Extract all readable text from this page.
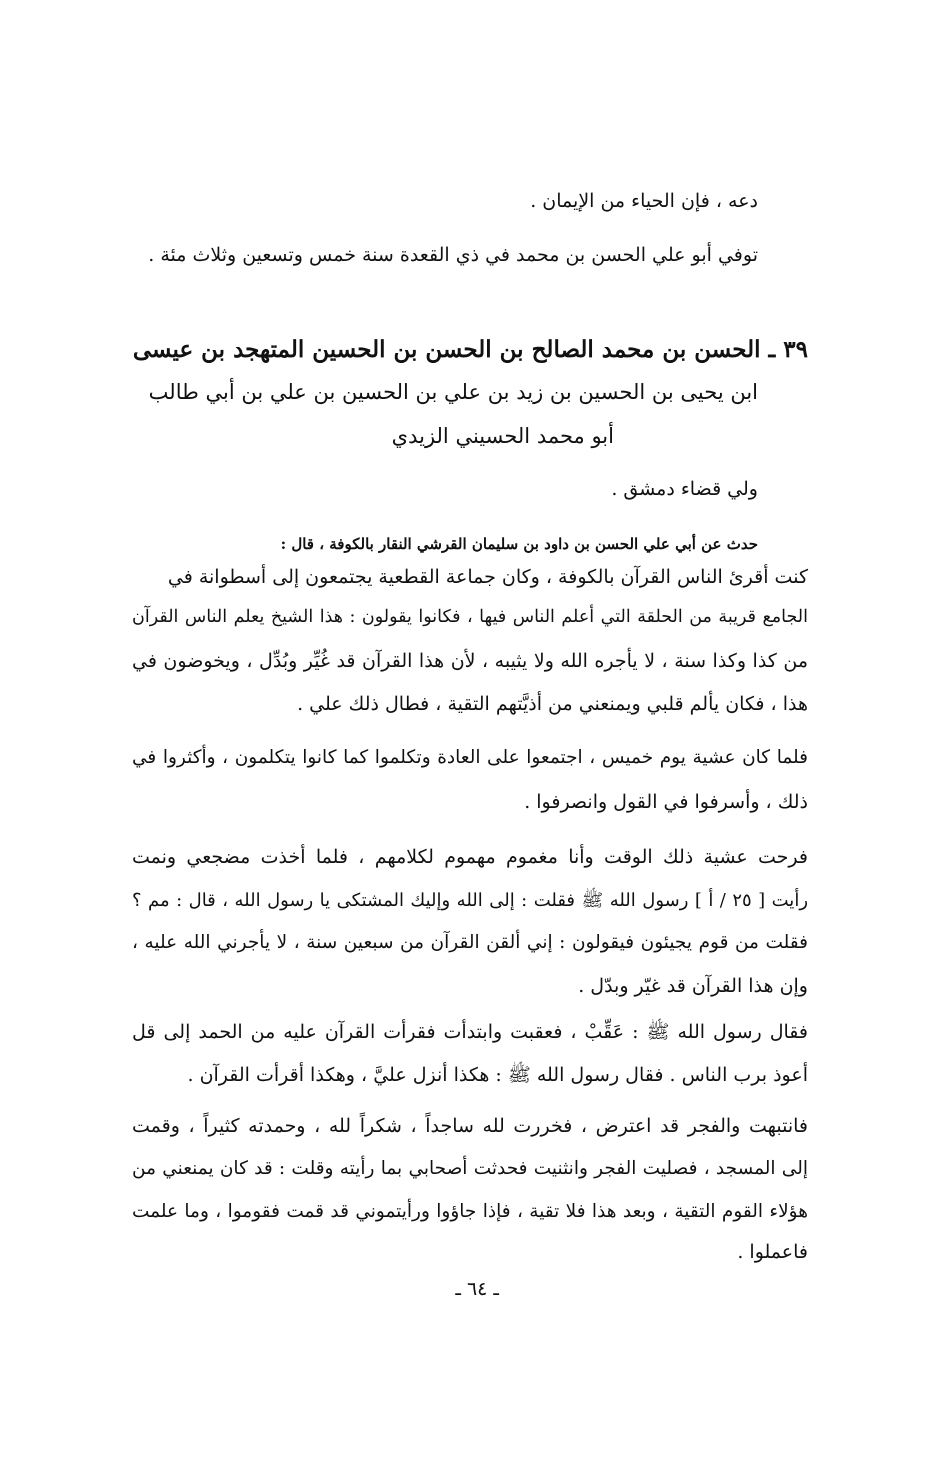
دعه ، فإن الحياء من الإيمان .
توفي أبو علي الحسن بن محمد في ذي القعدة سنة خمس وتسعين وثلاث مئة .
٣٩ ـ الحسن بن محمد الصالح بن الحسن بن الحسين المتهجد بن عيسى
ابن يحيى بن الحسين بن زيد بن علي بن الحسين بن علي بن أبي طالب
أبو محمد الحسيني الزيدي
ولي قضاء دمشق .
حدث عن أبي علي الحسن بن داود بن سليمان القرشي النقار بالكوفة ، قال :
كنت أقرئ الناس القرآن بالكوفة ، وكان جماعة القطعية يجتمعون إلى أسطوانة في
الجامع قريبة من الحلقة التي أعلم الناس فيها ، فكانوا يقولون : هذا الشيخ يعلم الناس القرآن
من كذا وكذا سنة ، لا يأجره الله ولا يثيبه ، لأن هذا القرآن قد غُيِّر وبُدِّل ، ويخوضون في
هذا ، فكان يألم قلبي ويمنعني من أذيَّتهم التقية ، فطال ذلك علي .
فلما كان عشية يوم خميس ، اجتمعوا على العادة وتكلموا كما كانوا يتكلمون ، وأكثروا في
ذلك ، وأسرفوا في القول وانصرفوا .
فرحت عشية ذلك الوقت وأنا مغموم مهموم لكلامهم ، فلما أخذت مضجعي ونمت
رأيت [ ٢٥ / أ ] رسول الله ﷺ فقلت : إلى الله وإليك المشتكى يا رسول الله ، قال : مم ؟
فقلت من قوم يجيئون فيقولون : إني ألقن القرآن من سبعين سنة ، لا يأجرني الله عليه ،
وإن هذا القرآن قد غيّر وبدّل .
فقال رسول الله ﷺ : عَقِّبْ ، فعقبت وابتدأت فقرأت القرآن عليه من الحمد إلى قل
أعوذ برب الناس . فقال رسول الله ﷺ : هكذا أنزل عليَّ ، وهكذا أقرأت القرآن .
فانتبهت والفجر قد اعترض ، فخررت لله ساجداً ، شكراً لله ، وحمدته كثيراً ، وقمت
إلى المسجد ، فصليت الفجر وانثنيت فحدثت أصحابي بما رأيته وقلت : قد كان يمنعني من
هؤلاء القوم التقية ، وبعد هذا فلا تقية ، فإذا جاؤوا ورأيتموني قد قمت فقوموا ، وما علمت
فاعملوا .
ـ ٦٤ ـ
